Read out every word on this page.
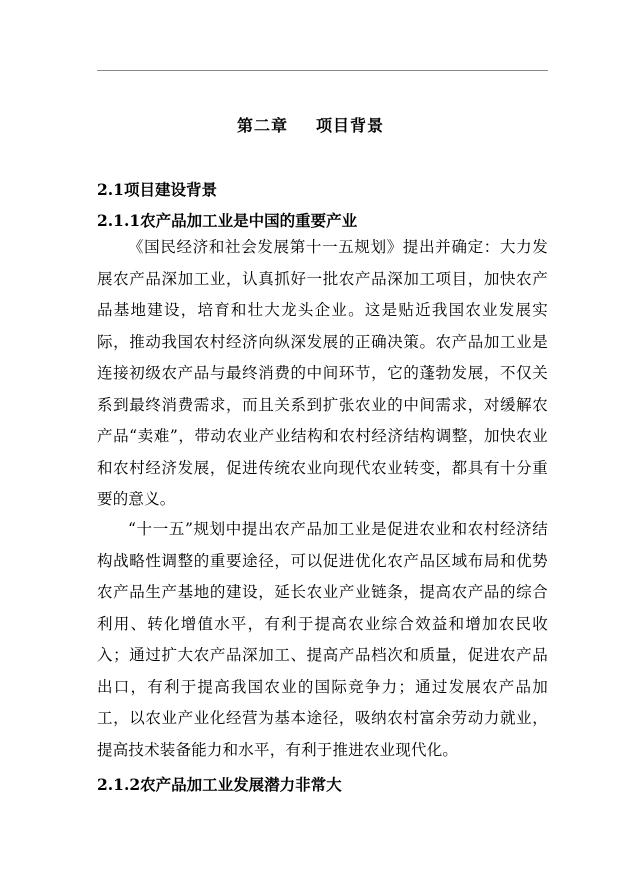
第二章 项目背景
2.1项目建设背景
2.1.1农产品加工业是中国的重要产业
《国民经济和社会发展第十一五规划》提出并确定：大力发展农产品深加工业，认真抓好一批农产品深加工项目，加快农产品基地建设，培育和壮大龙头企业。这是贴近我国农业发展实际，推动我国农村经济向纵深发展的正确决策。农产品加工业是连接初级农产品与最终消费的中间环节，它的蓬勃发展，不仅关系到最终消费需求，而且关系到扩张农业的中间需求，对缓解农产品“卖难”，带动农业产业结构和农村经济结构调整，加快农业和农村经济发展，促进传统农业向现代农业转变，都具有十分重要的意义。
“十一五”规划中提出农产品加工业是促进农业和农村经济结构战略性调整的重要途径，可以促进优化农产品区域布局和优势农产品生产基地的建设，延长农业产业链条，提高农产品的综合利用、转化增值水平，有利于提高农业综合效益和增加农民收入；通过扩大农产品深加工、提高产品档次和质量，促进农产品出口，有利于提高我国农业的国际竞争力；通过发展农产品加工，以农业产业化经营为基本途径，吸纳农村富余劳动力就业，提高技术装备能力和水平，有利于推进农业现代化。
2.1.2农产品加工业发展潜力非常大
